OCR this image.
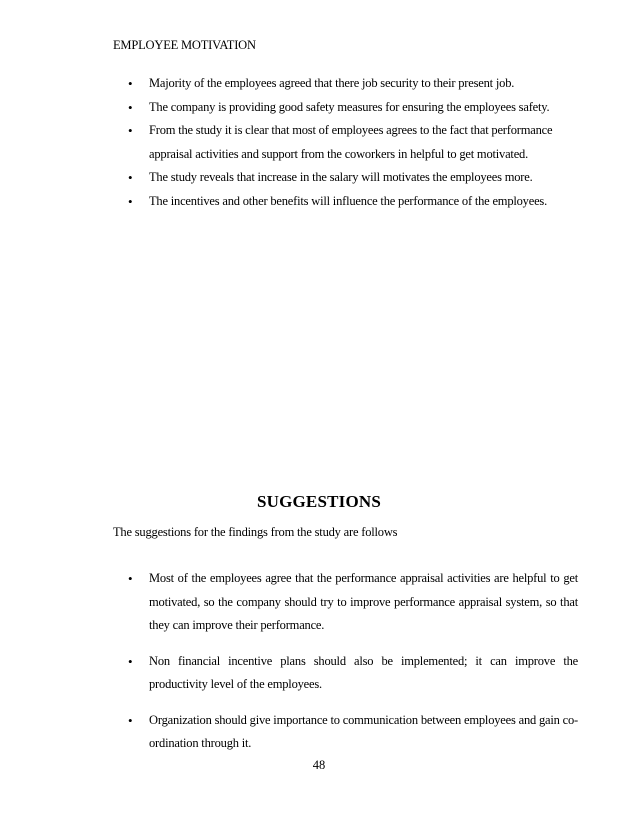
EMPLOYEE MOTIVATION
• Majority of the employees agreed that there job security to their present job.
• The company is providing good safety measures for ensuring the employees safety.
• From the study it is clear that most of employees agrees to the fact that performance appraisal activities and support from the coworkers in helpful to get motivated.
• The study reveals that increase in the salary will motivates the employees more.
• The incentives and other benefits will influence the performance of the employees.
SUGGESTIONS
The suggestions for the findings from the study are follows
• Most of the employees agree that the performance appraisal activities are helpful to get motivated, so the company should try to improve performance appraisal system, so that they can improve their performance.
• Non financial incentive plans should also be implemented; it can improve the productivity level of the employees.
• Organization should give importance to communication between employees and gain co-ordination through it.
48
